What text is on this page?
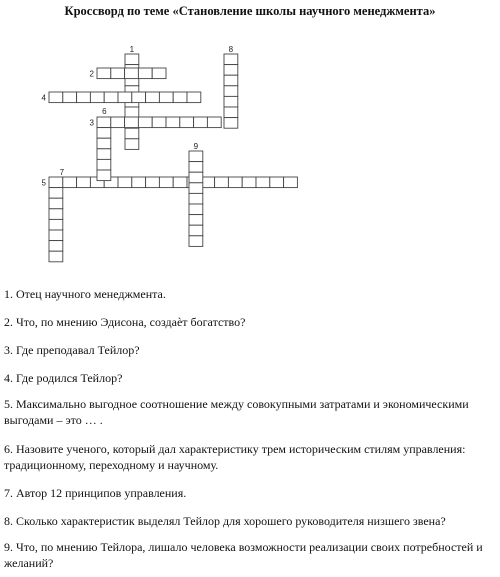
Кроссворд по теме «Становление школы научного менеджмента»
1
2
3
4
5
6
7
8
9
1. Отец научного менеджмента.
2. Что, по мнению Эдисона, создаѐт богатство?
3. Где преподавал Тейлор?
4. Где родился Тейлор?
5. Максимально выгодное соотношение между совокупными затратами и экономическими выгодами – это … .
6. Назовите ученого, который дал характеристику трем историческим стилям управления: традиционному, переходному и научному.
7. Автор 12 принципов управления.
8. Сколько характеристик выделял Тейлор для хорошего руководителя низшего звена?
9. Что, по мнению Тейлора, лишало человека возможности реализации своих потребностей и желаний?
